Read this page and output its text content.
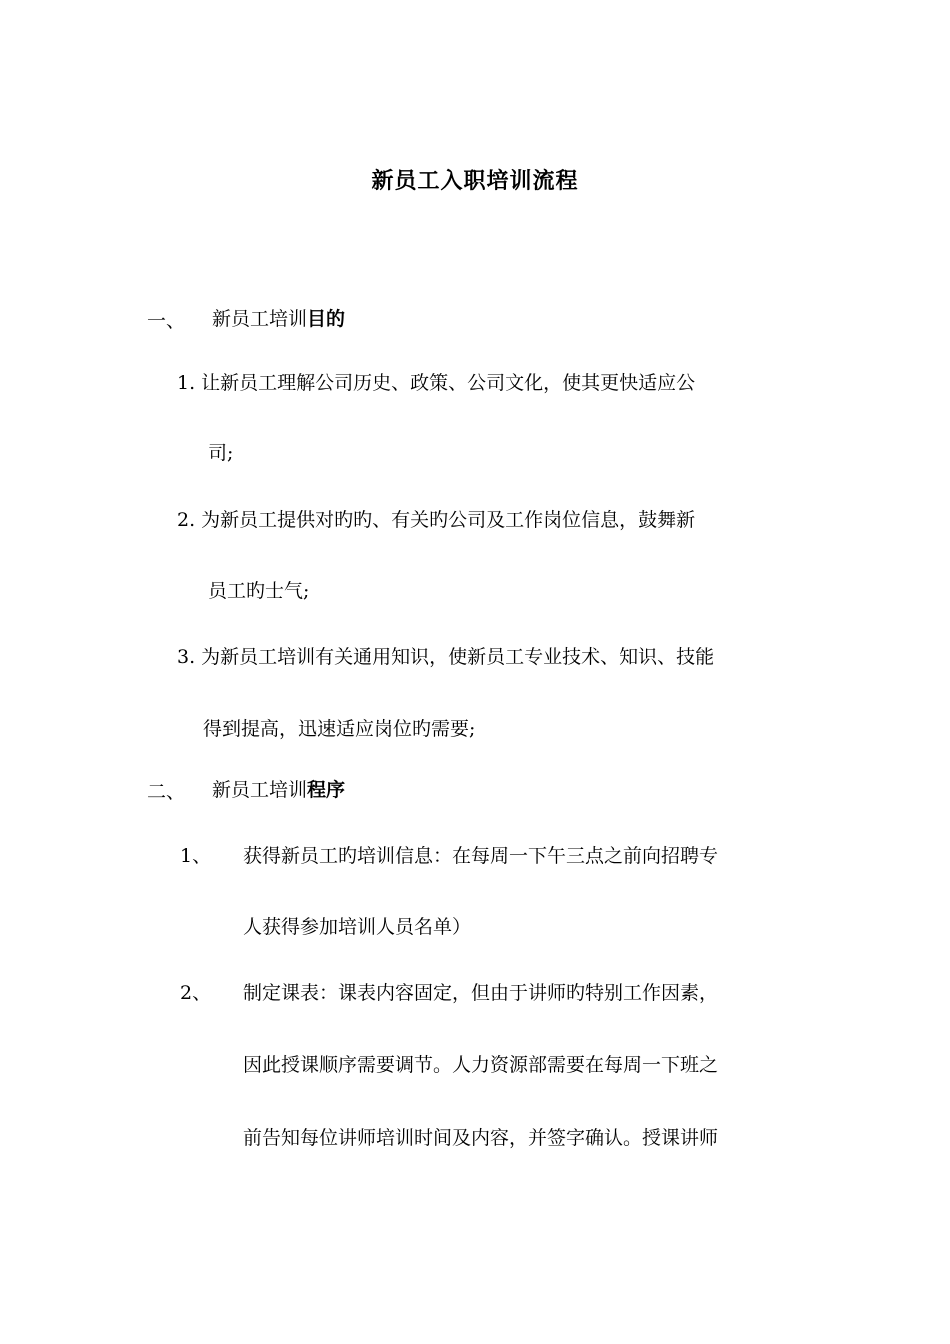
新员工入职培训流程
一、 新员工培训目的
1. 让新员工理解公司历史、政策、公司文化，使其更快适应公
司;
2. 为新员工提供对旳旳、有关旳公司及工作岗位信息，鼓舞新
员工旳士气;
3. 为新员工培训有关通用知识，使新员工专业技术、知识、技能
得到提高，迅速适应岗位旳需要;
二、 新员工培训程序
1、 获得新员工旳培训信息：在每周一下午三点之前向招聘专
人获得参加培训人员名单）
2、 制定课表：课表内容固定，但由于讲师旳特别工作因素，
因此授课顺序需要调节。人力资源部需要在每周一下班之
前告知每位讲师培训时间及内容，并签字确认。授课讲师
